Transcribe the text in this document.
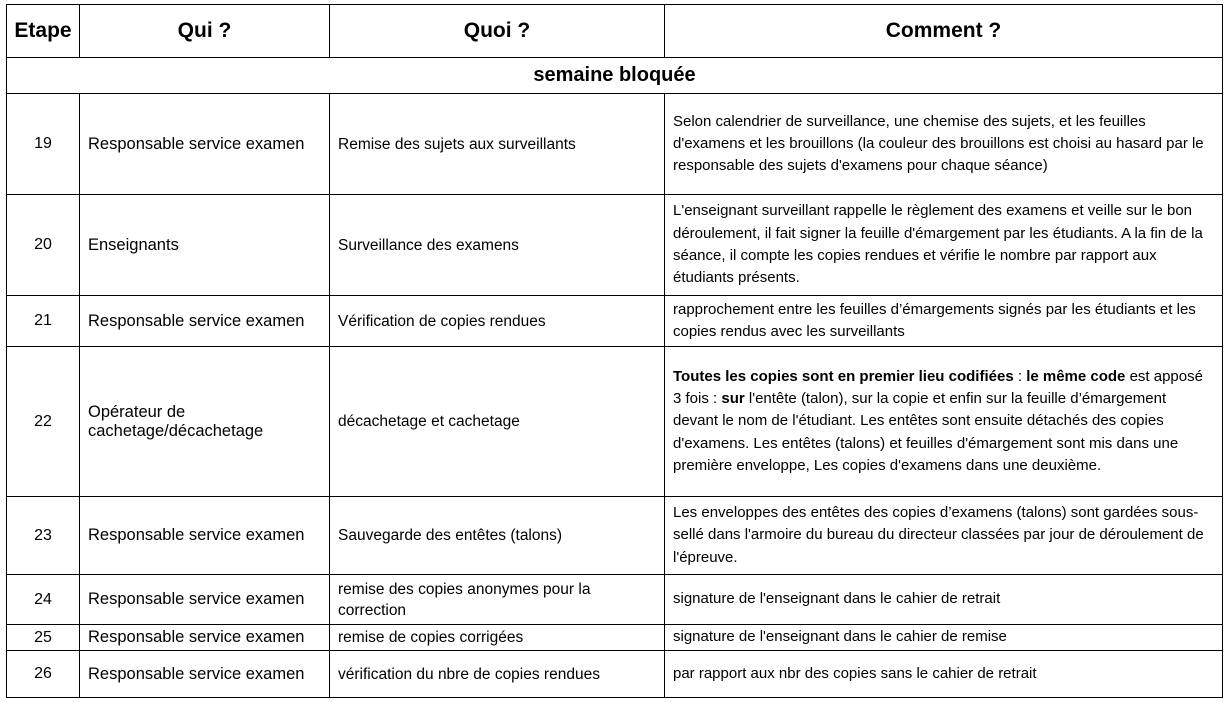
Etape	Qui ?	Quoi ?	Comment ?
semaine bloquée			
19	Responsable service examen	Remise des sujets aux surveillants	Selon calendrier de surveillance, une chemise des sujets, et les feuilles d'examens et les brouillons (la couleur des brouillons est choisi au hasard par le responsable des sujets d'examens pour chaque séance)
20	Enseignants	Surveillance des examens	L'enseignant surveillant rappelle le règlement des examens et veille sur le bon déroulement, il fait signer la feuille d'émargement par les étudiants. A la fin de la séance, il compte les copies rendues et vérifie le nombre par rapport aux étudiants présents.
21	Responsable service examen	Vérification de copies rendues	rapprochement entre les feuilles d’émargements signés par les étudiants et les copies rendus avec les surveillants
22	Opérateur de cachetage/décachetage	décachetage et cachetage	Toutes les copies sont en premier lieu codifiées : le même code est apposé 3 fois : sur l'entête (talon), sur la copie et enfin sur la feuille d’émargement devant le nom de l'étudiant. Les entêtes sont ensuite détachés des copies d'examens. Les entêtes (talons) et feuilles d'émargement sont mis dans une première enveloppe, Les copies d'examens dans une deuxième.
23	Responsable service examen	Sauvegarde des entêtes (talons)	Les enveloppes des entêtes des copies d’examens (talons) sont gardées sous-sellé dans l'armoire du bureau du directeur classées par jour de déroulement de l'épreuve.
24	Responsable service examen	remise des copies anonymes pour la correction	signature de l'enseignant dans le cahier de retrait
25	Responsable service examen	remise de copies corrigées	signature de l'enseignant dans le cahier de remise
26	Responsable service examen	vérification du nbre de copies rendues	par rapport aux nbr des copies sans le cahier de retrait
